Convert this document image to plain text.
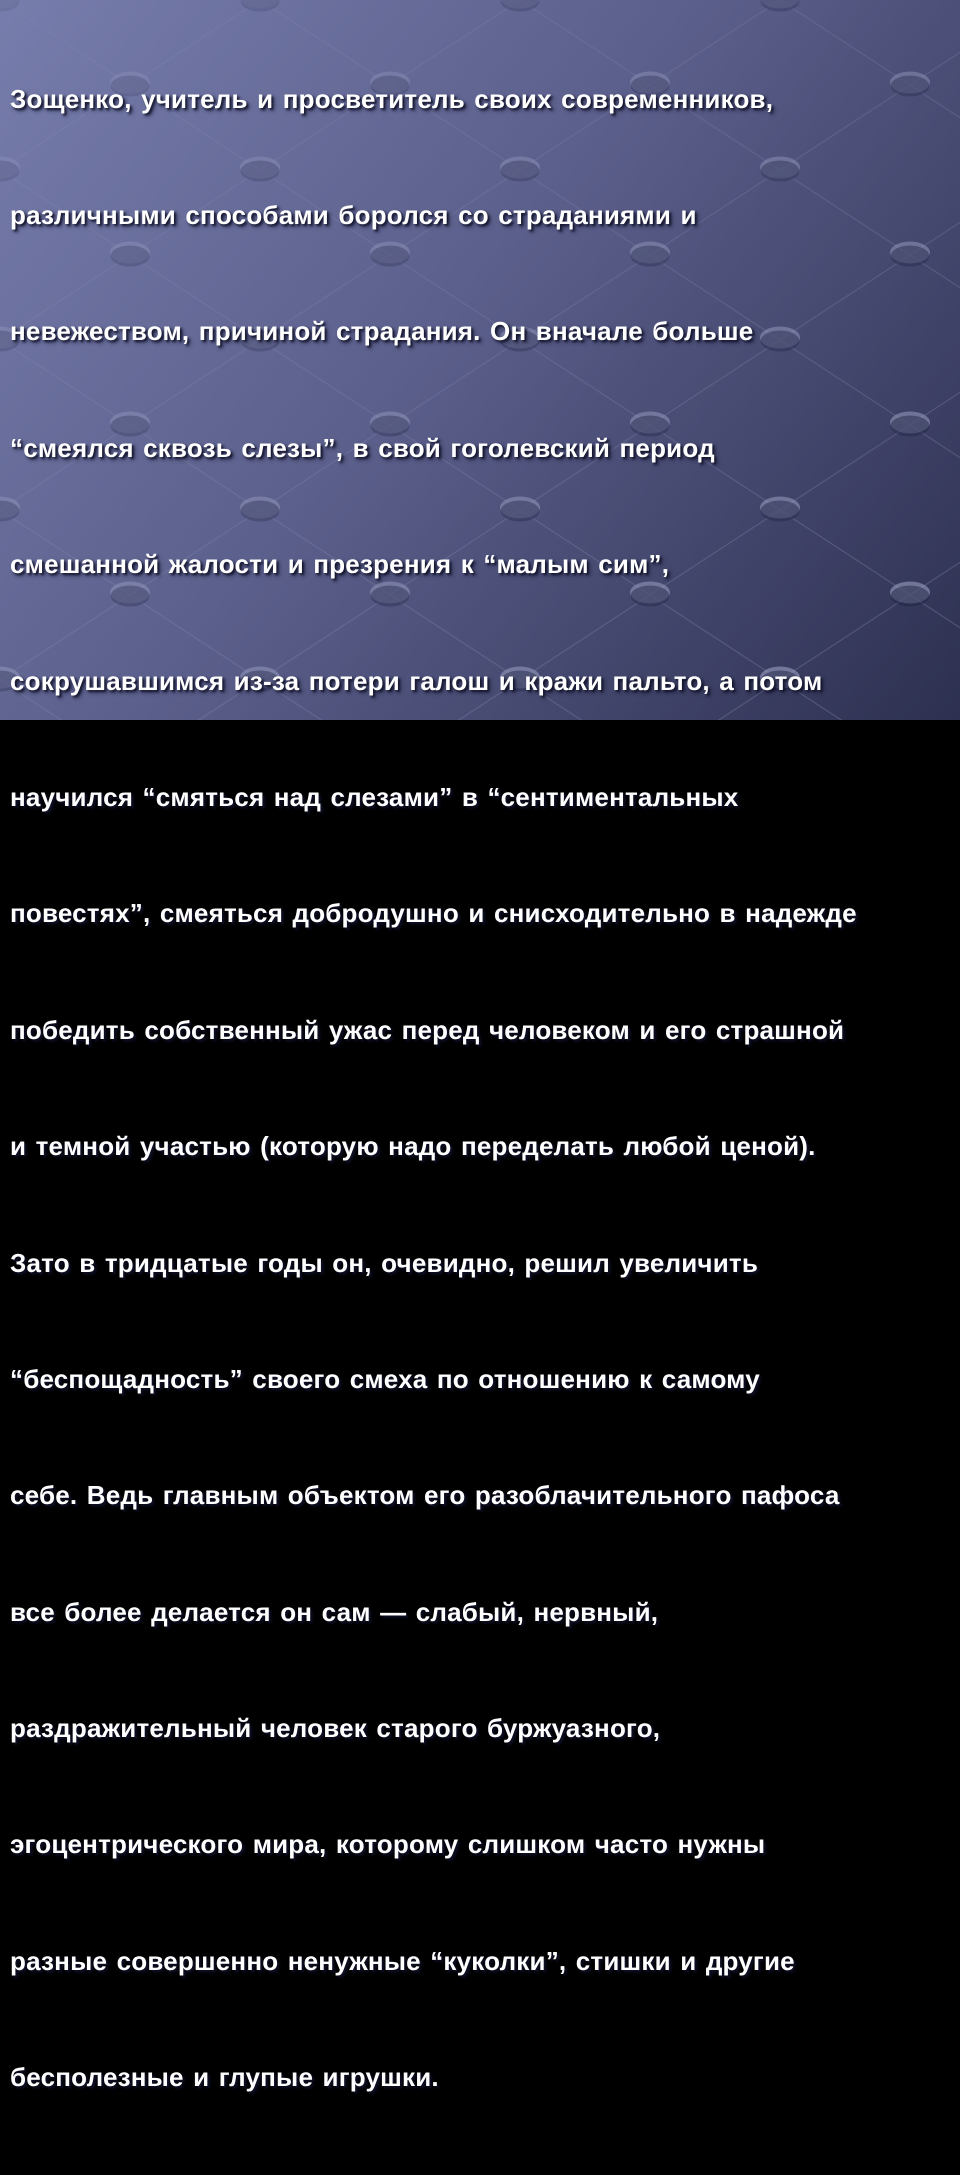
Зощенко, учитель и просветитель своих современников,

различными способами боролся со страданиями и

невежеством, причиной страдания. Он вначале больше

“смеялся сквозь слезы”, в свой гоголевский период

смешанной жалости и презрения к “малым сим”,

сокрушавшимся из-за потери галош и кражи пальто, а потом

научился “смяться над слезами” в “сентиментальных

повестях”, смеяться добродушно и снисходительно в надежде

победить собственный ужас перед человеком и его страшной

и темной участью (которую надо переделать любой ценой).

Зато в тридцатые годы он, очевидно, решил увеличить

“беспощадность” своего смеха по отношению к самому

себе. Ведь главным объектом его разоблачительного пафоса

все более делается он сам — слабый, нервный,

раздражительный человек старого буржуазного,

эгоцентрического мира, которому слишком часто нужны

разные совершенно ненужные “куколки”, стишки и другие

бесполезные и глупые игрушки.
